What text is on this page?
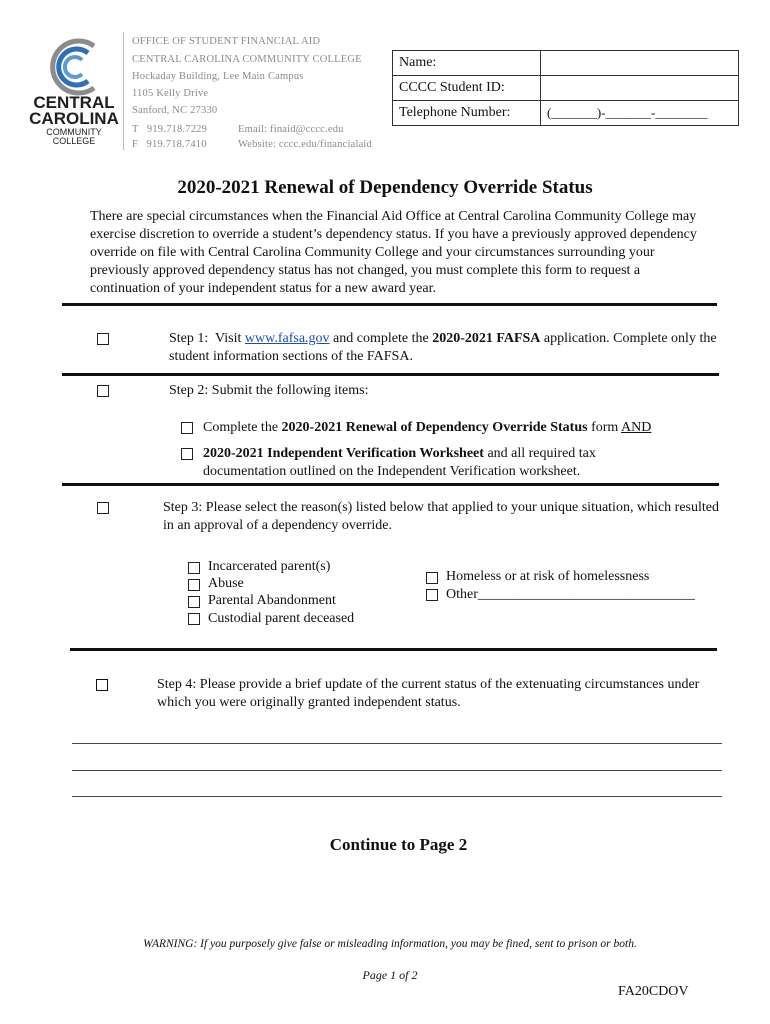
CENTRAL
CAROLINA
COMMUNITY
COLLEGE
OFFICE OF STUDENT FINANCIAL AID
CENTRAL CAROLINA COMMUNITY COLLEGE
Hockaday Building, Lee Main Campus
1105 Kelly Drive
Sanford, NC 27330
T   919.718.7229
F   919.718.7410
Email: finaid@cccc.edu
Website: cccc.edu/financialaid
Name:	
CCCC Student ID:	
Telephone Number:	(_______)-_______-________
2020-2021 Renewal of Dependency Override Status
There are special circumstances when the Financial Aid Office at Central Carolina Community College may exercise discretion to override a student’s dependency status. If you have a previously approved dependency override on file with Central Carolina Community College and your circumstances surrounding your previously approved dependency status has not changed, you must complete this form to request a continuation of your independent status for a new award year.
Step 1:  Visit www.fafsa.gov and complete the 2020-2021 FAFSA application. Complete only the student information sections of the FAFSA.
Step 2: Submit the following items:
Complete the 2020-2021 Renewal of Dependency Override Status form AND
2020-2021 Independent Verification Worksheet and all required tax documentation outlined on the Independent Verification worksheet.
Step 3: Please select the reason(s) listed below that applied to your unique situation, which resulted in an approval of a dependency override.
Incarcerated parent(s)
Abuse
Parental Abandonment
Custodial parent deceased
Homeless or at risk of homelessness
Other_______________________________
Step 4: Please provide a brief update of the current status of the extenuating circumstances under which you were originally granted independent status.
Continue to Page 2
WARNING: If you purposely give false or misleading information, you may be fined, sent to prison or both.
Page 1 of 2
FA20CDOV
